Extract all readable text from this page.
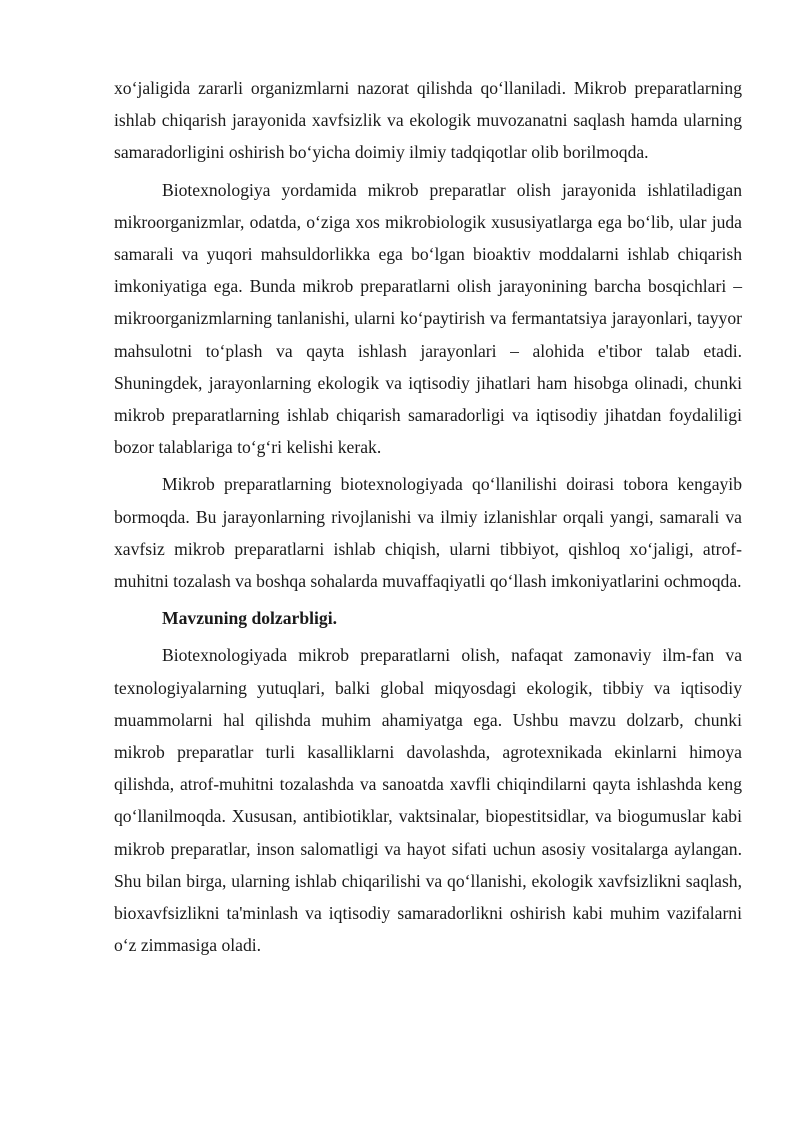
xoʻjaligida zararli organizmlarni nazorat qilishda qoʻllaniladi. Mikrob preparatlarning ishlab chiqarish jarayonida xavfsizlik va ekologik muvozanatni saqlash hamda ularning samaradorligini oshirish boʻyicha doimiy ilmiy tadqiqotlar olib borilmoqda.

Biotexnologiya yordamida mikrob preparatlar olish jarayonida ishlatiladigan mikroorganizmlar, odatda, oʻziga xos mikrobiologik xususiyatlarga ega boʻlib, ular juda samarali va yuqori mahsuldorlikka ega boʻlgan bioaktiv moddalarni ishlab chiqarish imkoniyatiga ega. Bunda mikrob preparatlarni olish jarayonining barcha bosqichlari – mikroorganizmlarning tanlanishi, ularni koʻpaytirish va fermantatsiya jarayonlari, tayyor mahsulotni toʻplash va qayta ishlash jarayonlari – alohida e'tibor talab etadi. Shuningdek, jarayonlarning ekologik va iqtisodiy jihatlari ham hisobga olinadi, chunki mikrob preparatlarning ishlab chiqarish samaradorligi va iqtisodiy jihatdan foydaliligi bozor talablariga toʻgʻri kelishi kerak.

Mikrob preparatlarning biotexnologiyada qoʻllanilishi doirasi tobora kengayib bormoqda. Bu jarayonlarning rivojlanishi va ilmiy izlanishlar orqali yangi, samarali va xavfsiz mikrob preparatlarni ishlab chiqish, ularni tibbiyot, qishloq xoʻjaligi, atrof-muhitni tozalash va boshqa sohalarda muvaffaqiyatli qoʻllash imkoniyatlarini ochmoqda.

Mavzuning dolzarbligi.

Biotexnologiyada mikrob preparatlarni olish, nafaqat zamonaviy ilm-fan va texnologiyalarning yutuqlari, balki global miqyosdagi ekologik, tibbiy va iqtisodiy muammolarni hal qilishda muhim ahamiyatga ega. Ushbu mavzu dolzarb, chunki mikrob preparatlar turli kasalliklarni davolashda, agrotexnikada ekinlarni himoya qilishda, atrof-muhitni tozalashda va sanoatda xavfli chiqindilarni qayta ishlashda keng qoʻllanilmoqda. Xususan, antibiotiklar, vaktsinalar, biopestitsidlar, va biogumuslar kabi mikrob preparatlar, inson salomatligi va hayot sifati uchun asosiy vositalarga aylangan. Shu bilan birga, ularning ishlab chiqarilishi va qoʻllanishi, ekologik xavfsizlikni saqlash, bioxavfsizlikni ta'minlash va iqtisodiy samaradorlikni oshirish kabi muhim vazifalarni oʻz zimmasiga oladi.
